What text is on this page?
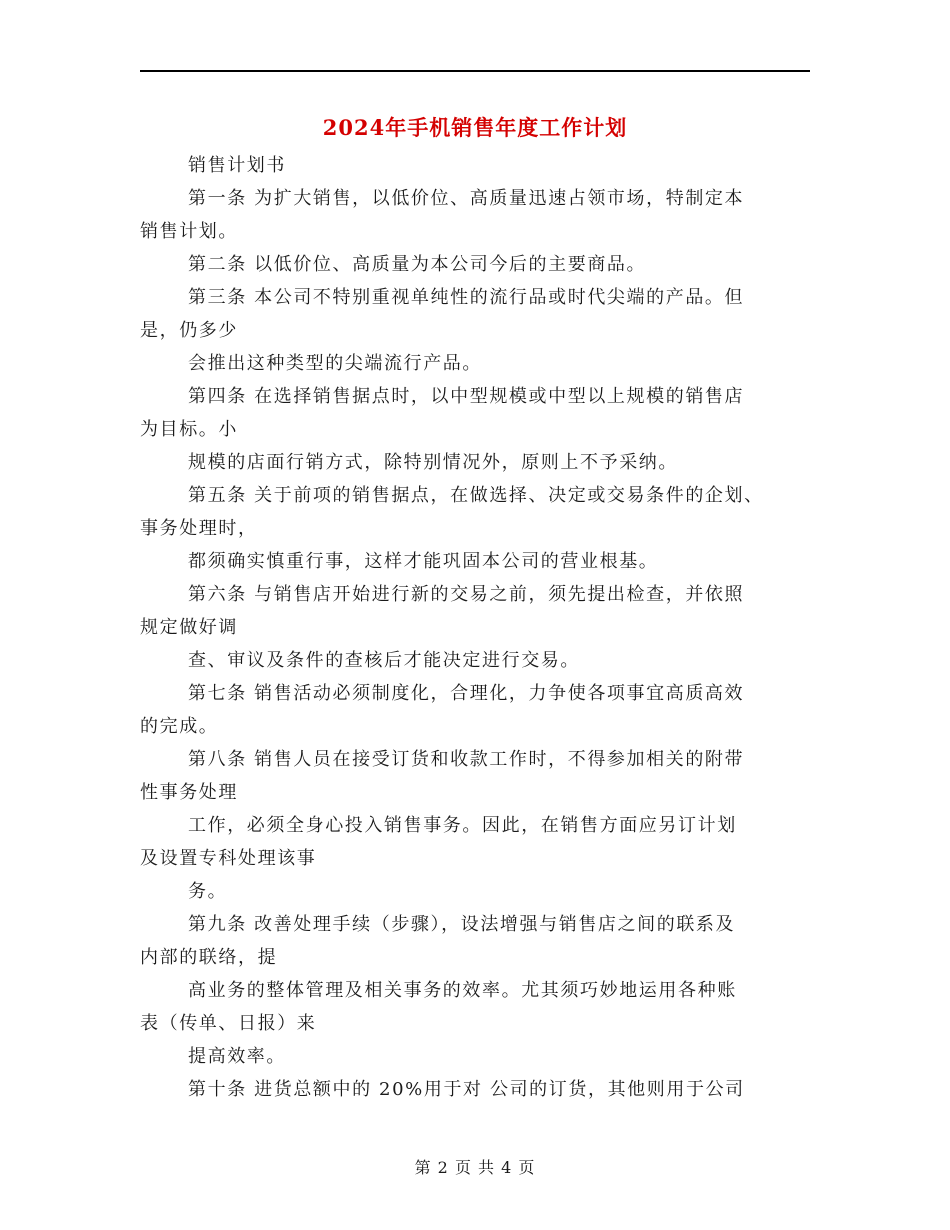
2024年手机销售年度工作计划
销售计划书
第一条 为扩大销售，以低价位、高质量迅速占领市场，特制定本
销售计划。
第二条 以低价位、高质量为本公司今后的主要商品。
第三条 本公司不特别重视单纯性的流行品或时代尖端的产品。但
是，仍多少
会推出这种类型的尖端流行产品。
第四条 在选择销售据点时，以中型规模或中型以上规模的销售店
为目标。小
规模的店面行销方式，除特别情况外，原则上不予采纳。
第五条 关于前项的销售据点，在做选择、决定或交易条件的企划、
事务处理时，
都须确实慎重行事，这样才能巩固本公司的营业根基。
第六条 与销售店开始进行新的交易之前，须先提出检查，并依照
规定做好调
查、审议及条件的查核后才能决定进行交易。
第七条 销售活动必须制度化，合理化，力争使各项事宜高质高效
的完成。
第八条 销售人员在接受订货和收款工作时，不得参加相关的附带
性事务处理
工作，必须全身心投入销售事务。因此，在销售方面应另订计划
及设置专科处理该事
务。
第九条 改善处理手续（步骤），设法增强与销售店之间的联系及
内部的联络，提
高业务的整体管理及相关事务的效率。尤其须巧妙地运用各种账
表（传单、日报）来
提高效率。
第十条 进货总额中的 20%用于对 公司的订货，其他则用于公司
第 2 页 共 4 页
